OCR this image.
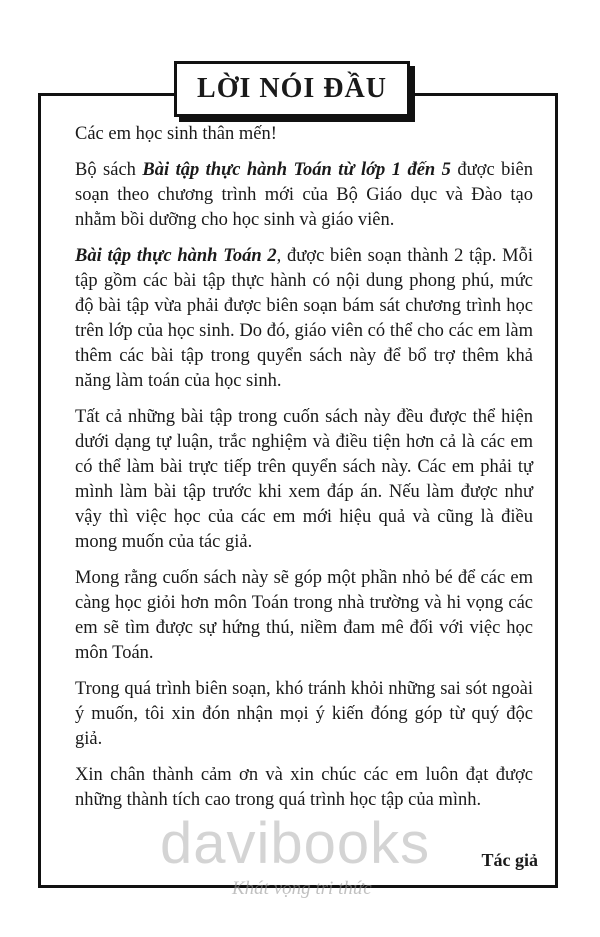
LỜI NÓI ĐẦU

Các em học sinh thân mến!

Bộ sách Bài tập thực hành Toán từ lớp 1 đến 5 được biên soạn theo chương trình mới của Bộ Giáo dục và Đào tạo nhằm bồi dưỡng cho học sinh và giáo viên.

Bài tập thực hành Toán 2, được biên soạn thành 2 tập. Mỗi tập gồm các bài tập thực hành có nội dung phong phú, mức độ bài tập vừa phải được biên soạn bám sát chương trình học trên lớp của học sinh. Do đó, giáo viên có thể cho các em làm thêm các bài tập trong quyển sách này để bổ trợ thêm khả năng làm toán của học sinh.

Tất cả những bài tập trong cuốn sách này đều được thể hiện dưới dạng tự luận, trắc nghiệm và điều tiện hơn cả là các em có thể làm bài trực tiếp trên quyển sách này. Các em phải tự mình làm bài tập trước khi xem đáp án. Nếu làm được như vậy thì việc học của các em mới hiệu quả và cũng là điều mong muốn của tác giả.

Mong rằng cuốn sách này sẽ góp một phần nhỏ bé để các em càng học giỏi hơn môn Toán trong nhà trường và hi vọng các em sẽ tìm được sự hứng thú, niềm đam mê đối với việc học môn Toán.

Trong quá trình biên soạn, khó tránh khỏi những sai sót ngoài ý muốn, tôi xin đón nhận mọi ý kiến đóng góp từ quý độc giả.

Xin chân thành cảm ơn và xin chúc các em luôn đạt được những thành tích cao trong quá trình học tập của mình.

Tác giả
davibooks
Khát vọng tri thức
